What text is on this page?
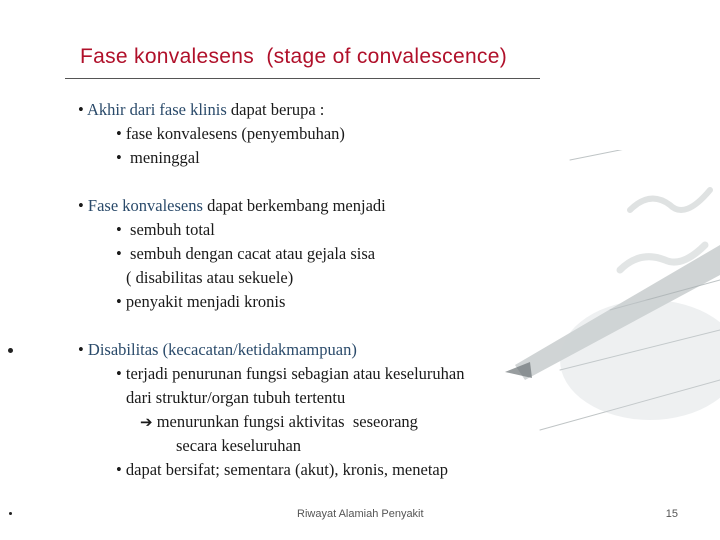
Fase konvalesens  (stage of convalescence)
• Akhir dari fase klinis dapat berupa :
• fase konvalesens (penyembuhan)
•  meninggal
• Fase konvalesens dapat berkembang menjadi
•  sembuh total
•  sembuh dengan cacat atau gejala sisa
( disabilitas atau sekuele)
• penyakit menjadi kronis
• Disabilitas (kecacatan/ketidakmampuan)
• terjadi penurunan fungsi sebagian atau keseluruhan
dari struktur/organ tubuh tertentu
➔ menurunkan fungsi aktivitas  seseorang
secara keseluruhan
• dapat bersifat; sementara (akut), kronis, menetap
Riwayat Alamiah Penyakit	15
